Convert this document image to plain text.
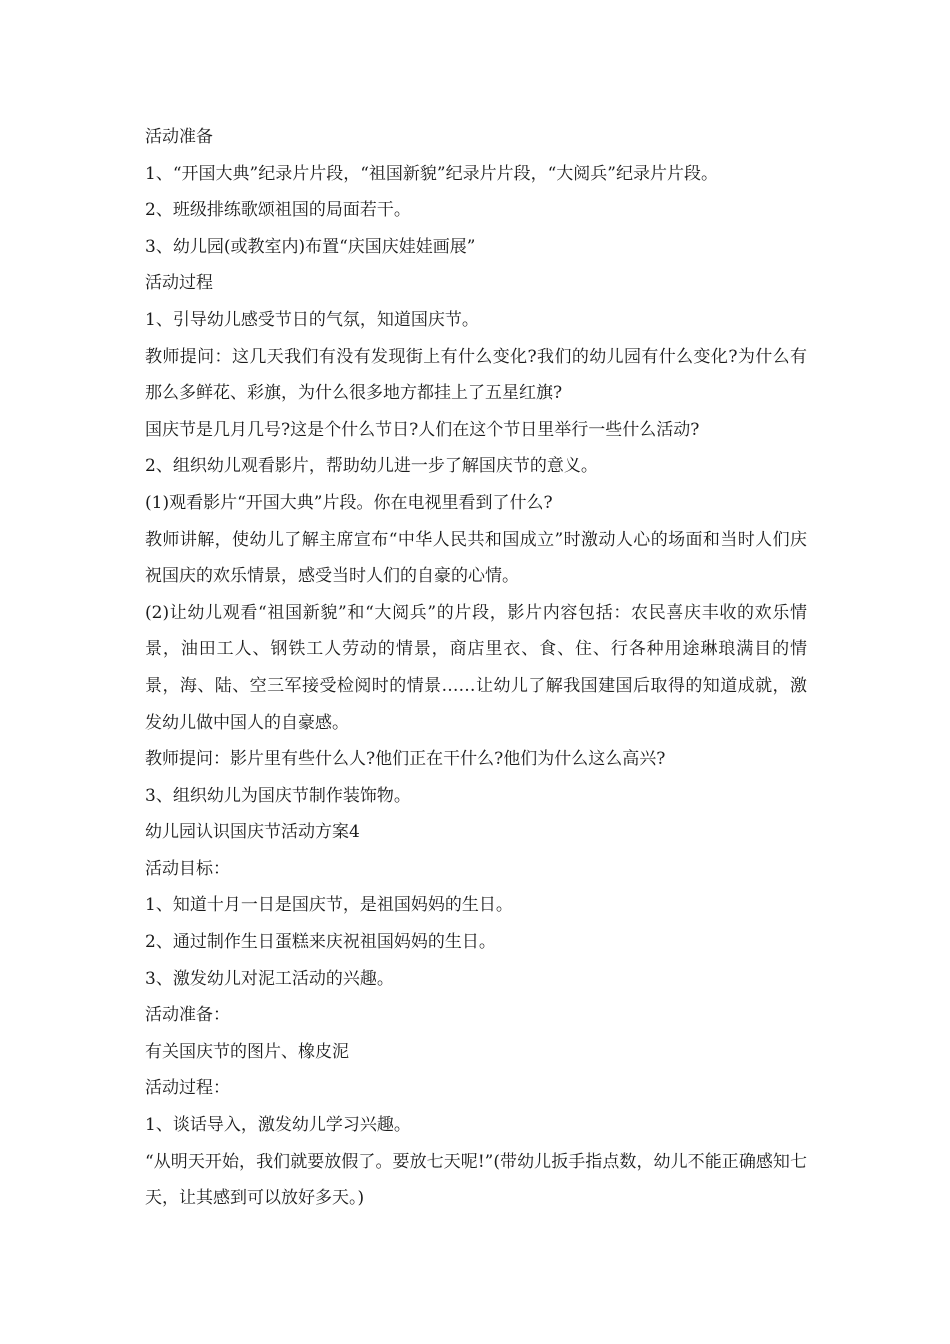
活动准备

1、“开国大典”纪录片片段，“祖国新貌”纪录片片段，“大阅兵”纪录片片段。

2、班级排练歌颂祖国的局面若干。

3、幼儿园(或教室内)布置“庆国庆娃娃画展”

活动过程

1、引导幼儿感受节日的气氛，知道国庆节。

教师提问：这几天我们有没有发现街上有什么变化?我们的幼儿园有什么变化?为什么有那么多鲜花、彩旗，为什么很多地方都挂上了五星红旗?

国庆节是几月几号?这是个什么节日?人们在这个节日里举行一些什么活动?

2、组织幼儿观看影片，帮助幼儿进一步了解国庆节的意义。

(1)观看影片“开国大典”片段。你在电视里看到了什么?

教师讲解，使幼儿了解主席宣布“中华人民共和国成立”时激动人心的场面和当时人们庆祝国庆的欢乐情景，感受当时人们的自豪的心情。

(2)让幼儿观看“祖国新貌”和“大阅兵”的片段，影片内容包括：农民喜庆丰收的欢乐情景，油田工人、钢铁工人劳动的情景，商店里衣、食、住、行各种用途琳琅满目的情景，海、陆、空三军接受检阅时的情景……让幼儿了解我国建国后取得的知道成就，激发幼儿做中国人的自豪感。

教师提问：影片里有些什么人?他们正在干什么?他们为什么这么高兴?

3、组织幼儿为国庆节制作装饰物。

幼儿园认识国庆节活动方案4

活动目标：

1、知道十月一日是国庆节，是祖国妈妈的生日。

2、通过制作生日蛋糕来庆祝祖国妈妈的生日。

3、激发幼儿对泥工活动的兴趣。

活动准备：

有关国庆节的图片、橡皮泥

活动过程：

1、谈话导入，激发幼儿学习兴趣。

“从明天开始，我们就要放假了。要放七天呢!”(带幼儿扳手指点数，幼儿不能正确感知七天，让其感到可以放好多天。)
